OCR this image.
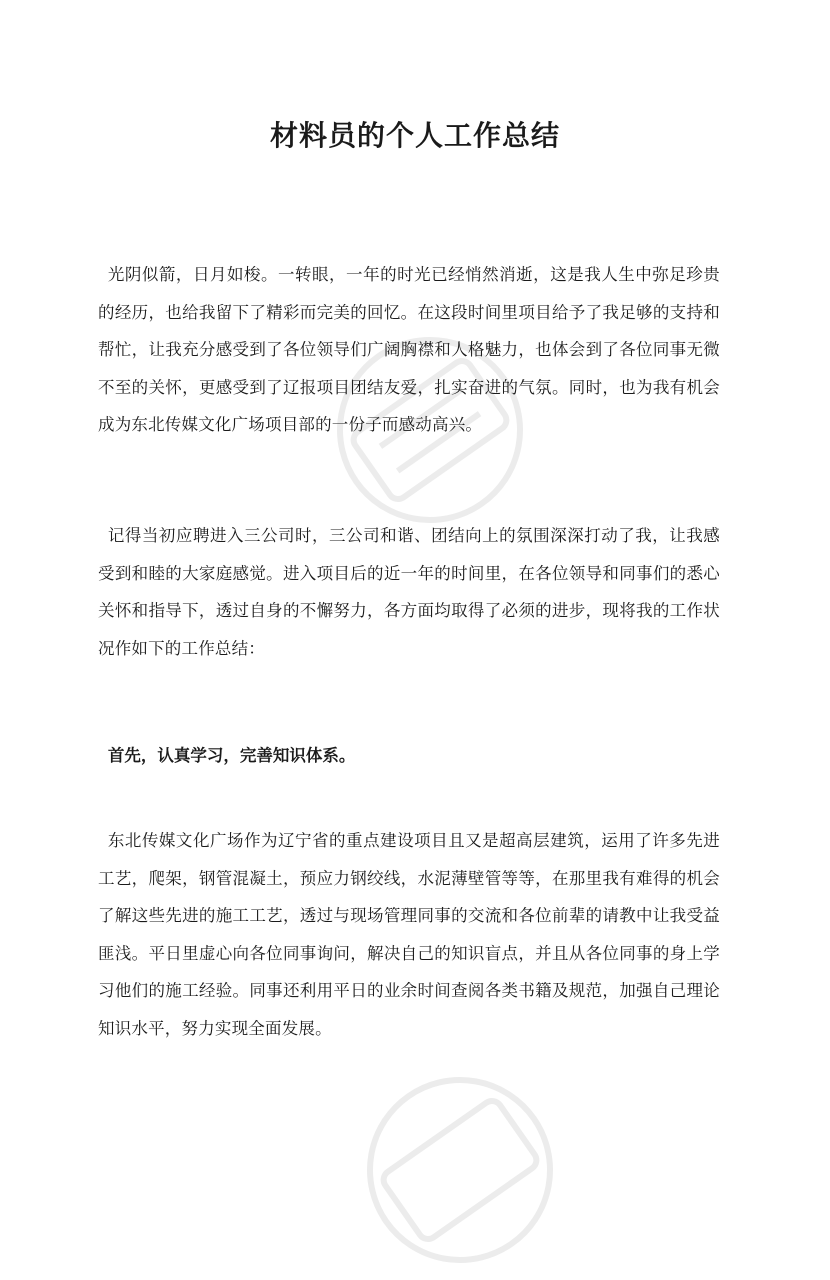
材料员的个人工作总结

光阴似箭，日月如梭。一转眼，一年的时光已经悄然消逝，这是我人生中弥足珍贵的经历，也给我留下了精彩而完美的回忆。在这段时间里项目给予了我足够的支持和帮忙，让我充分感受到了各位领导们广阔胸襟和人格魅力，也体会到了各位同事无微不至的关怀，更感受到了辽报项目团结友爱，扎实奋进的气氛。同时，也为我有机会成为东北传媒文化广场项目部的一份子而感动高兴。

记得当初应聘进入三公司时，三公司和谐、团结向上的氛围深深打动了我，让我感受到和睦的大家庭感觉。进入项目后的近一年的时间里，在各位领导和同事们的悉心关怀和指导下，透过自身的不懈努力，各方面均取得了必须的进步，现将我的工作状况作如下的工作总结：

首先，认真学习，完善知识体系。

东北传媒文化广场作为辽宁省的重点建设项目且又是超高层建筑，运用了许多先进工艺，爬架，钢管混凝土，预应力钢绞线，水泥薄壁管等等，在那里我有难得的机会了解这些先进的施工工艺，透过与现场管理同事的交流和各位前辈的请教中让我受益匪浅。平日里虚心向各位同事询问，解决自己的知识盲点，并且从各位同事的身上学习他们的施工经验。同事还利用平日的业余时间查阅各类书籍及规范，加强自己理论知识水平，努力实现全面发展。
